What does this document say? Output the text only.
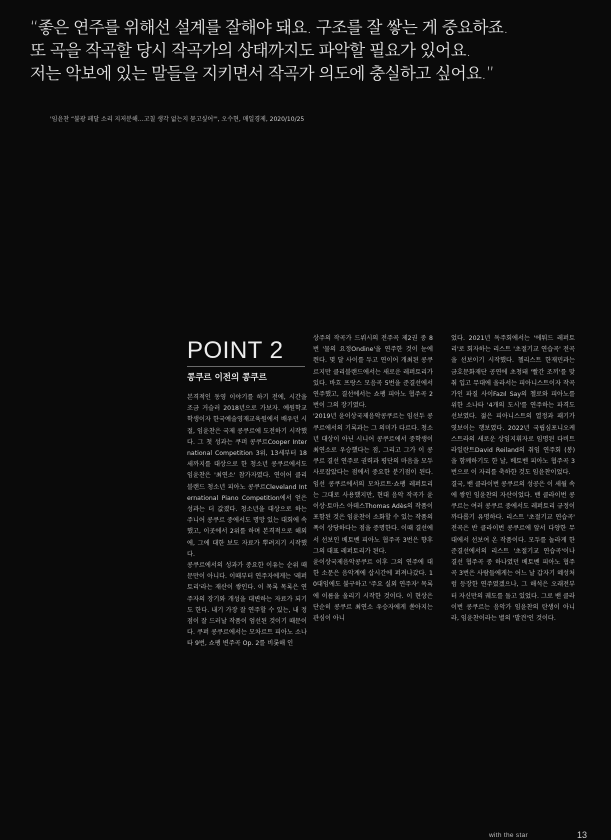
“좋은 연주를 위해선 설계를 잘해야 돼요. 구조를 잘 쌓는 게 중요하죠.
또 곡을 작곡할 당시 작곡가의 상태까지도 파악할 필요가 있어요.
저는 악보에 있는 말들을 지키면서 작곡가 의도에 충실하고 싶어요.”
'임윤찬 “불광 페달 소리 지저분해…고칠 생각 없는지 묻고싶어"', 오수현, 매일경제, 2020/10/25
POINT 2
콩쿠르 이전의 콩쿠르

본격적인 동영 이야기를 하기 전에, 시간을 조금 거슬러 2018년으로 가보자. 예원학교 학생이자 한국예술영재교육원에서 배우던 시절, 임윤찬은 국제 콩쿠르에 도전하기 시작했다. 그 첫 성과는 쿠퍼 콩쿠르Cooper International Competition 3위, 13세부터 18세까지를 대상으로 한 청소년 콩쿠르에서도 임윤찬은 '최연소' 참가자였다. 연이어 클리블랜드 청소년 피아노 콩쿠르Cleveland International Piano Competition에서 얻은 성과는 더 값졌다. 청소년을 대상으로 하는 주니어 콩쿠르 중에서도 명망 있는 대회에 속했고, 이곳에서 2위를 하며 본격적으로 해외에, 그에 대한 보도 자료가 뿌려지기 시작했다.

콩쿠르에서의 성과가 중요한 이유는 순위 때문만이 아니다. 이때부터 연주자에게는 '레퍼토리'라는 재산이 쌓인다. 이 목록 목록은 연주자의 장기와 개성을 대변하는 자료가 되기도 한다. 내기 가장 잘 연주할 수 있는, 내 정점이 잘 드러날 작품이 엄선된 것이기 때문이다. 쿠퍼 콩쿠르에서는 모차르트 피아노 소나타 9번, 쇼팽 변주곡 Op. 2를 비롯해 인

상주의 작곡가 드뷔시의 전주곡 제2권 중 8번 '물의 요정Ondine'을 연주한 것이 눈에 띈다. 몇 달 사이를 두고 연이어 개최된 콩쿠르지만 클리블랜드에서는 새로운 레퍼토리가 있다. 바흐 프랑스 모음곡 5번을 준결선에서 연주했고, 결선에서는 쇼팽 피아노 협주곡 2번이 그의 장기였다.

'2019년 윤이상국제음악콩쿠르는 임선두 콩쿠르에서의 기록과는 그 의미가 다르다. 청소년 대상이 아닌 시니어 콩쿠르에서 중학생이 최연소로 우승했다는 점, 그리고 그가 이 콩쿠르 결선 연주로 권력과 평단의 마음을 모두 사로잡았다는 점에서 중요한 분기점이 된다. 임선 콩쿠르에서의 모차르트·쇼팽 레퍼토리는 그대로 사용했지만, 현대 음악 작곡가 윤이상·토마스 아데스Thomas Adès의 작품이 포함된 것은 임윤찬이 소화할 수 있는 작품의 폭이 상당하다는 점을 증명한다. 이때 결선에서 선보인 베토벤 피아노 협주곡 3번은 향후 그의 대표 레퍼토리가 된다.

윤이상국제음악콩쿠르 이후 그의 연주에 대한 소문은 음악계에 삽시간에 퍼져나갔다. 10대임에도 불구하고 '주요 실외 연주자' 목록에 이름을 올리기 시작한 것이다. 이 현상은 단순히 콩쿠르 최연소 우승자에게 쏟아지는 관심이 아니

었다. 2021년 독주회에서는 '에튀드 레퍼토리'로 회자하는 리스트 '초절기교 연습곡' 전곡을 선보이기 시작했다. 첼리스트 한재민과는 금호문화재단 공연에 초청돼 '빨간 조끼'를 맞춰 입고 무대에 올라서는 피아니스트이자 작곡가인 파질 사이Fazıl Say의 첼로와 피아노를 위한 소나타 '4개의 도시'를 연주하는 파격도 선보였다. 젊은 피아니스트의 열정과 패기가 엿보이는 행보였다. 2022년 국립심포니오케스트라의 새로운 상임지휘자로 임명된 다비트 라일란트David Reiland의 취임 연주회 (봉)을 함께하기도 한 날, 베토벤 피아노 협주곡 3번으로 이 자리를 축하한 것도 임윤찬이었다.

결국, 밴 클라이번 콩쿠르의 성공은 이 세월 속에 쌓인 임윤찬의 자산이었다. 밴 클라이번 콩쿠르는 여러 콩쿠르 중에서도 레퍼토리 규정이 까다롭기 유명하다. 리스트 '초절기교 연습곡' 전곡은 반 클라이번 콩쿠르에 앞서 다양한 무대에서 선보여 온 작품이다. 모두를 놀라게 한 준결선에서의 리스트 '초절기교 연습곡'이나 결선 협주곡 중 하나였던 베토벤 피아노 협주곡 3번은 사람들에게는 어느 날 갑자기 혜성처럼 등장한 연주였겠으나, 그 해석은 오래전부터 자신만의 궤도를 돌고 있었다. 그로 밴 클라이번 콩쿠르는 음악가 임윤찬의 탄생이 아니라, 임윤찬이라는 별의 '발견'인 것이다.

with the star	13
